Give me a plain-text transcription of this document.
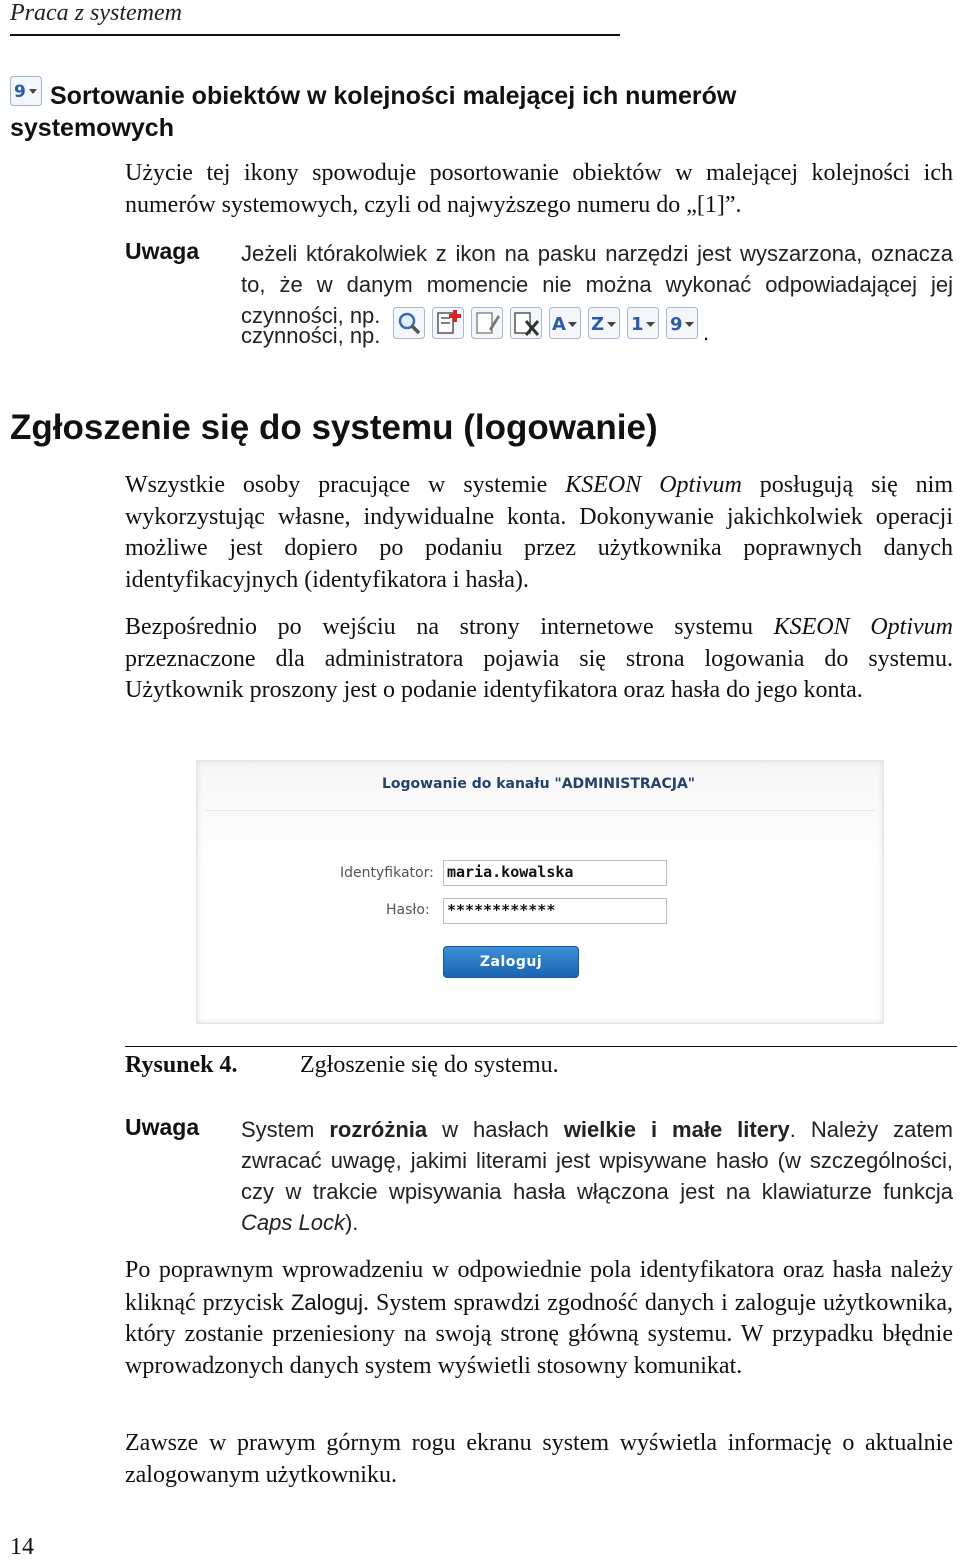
Praca z systemem
9 Sortowanie obiektów w kolejności malejącej ich numerów systemowych
Użycie tej ikony spowoduje posortowanie obiektów w malejącej kolejności ich numerów systemowych, czyli od najwyższego numeru do „[1]”.
Uwaga Jeżeli którakolwiek z ikon na pasku narzędzi jest wyszarzona, oznacza to, że w danym momencie nie można wykonać odpowiadającej jej czynności, np.
czynności, np.	A Z 1 9 .
Zgłoszenie się do systemu (logowanie)
Wszystkie osoby pracujące w systemie KSEON Optivum posługują się nim wykorzystując własne, indywidualne konta. Dokonywanie jakichkolwiek operacji możliwe jest dopiero po podaniu przez użytkownika poprawnych danych identyfikacyjnych (identyfikatora i hasła).
Bezpośrednio po wejściu na strony internetowe systemu KSEON Optivum przeznaczone dla administratora pojawia się strona logowania do systemu. Użytkownik proszony jest o podanie identyfikatora oraz hasła do jego konta.
Logowanie do kanału "ADMINISTRACJA"
Identyfikator: maria.kowalska
Hasło: ************
Zaloguj
Rysunek 4.	Zgłoszenie się do systemu.
Uwaga System rozróżnia w hasłach wielkie i małe litery. Należy zatem zwracać uwagę, jakimi literami jest wpisywane hasło (w szczególności, czy w trakcie wpisywania hasła włączona jest na klawiaturze funkcja Caps Lock).
Po poprawnym wprowadzeniu w odpowiednie pola identyfikatora oraz hasła należy kliknąć przycisk Zaloguj. System sprawdzi zgodność danych i zaloguje użytkownika, który zostanie przeniesiony na swoją stronę główną systemu. W przypadku błędnie wprowadzonych danych system wyświetli stosowny komunikat.
Zawsze w prawym górnym rogu ekranu system wyświetla informację o aktualnie zalogowanym użytkowniku.
14
